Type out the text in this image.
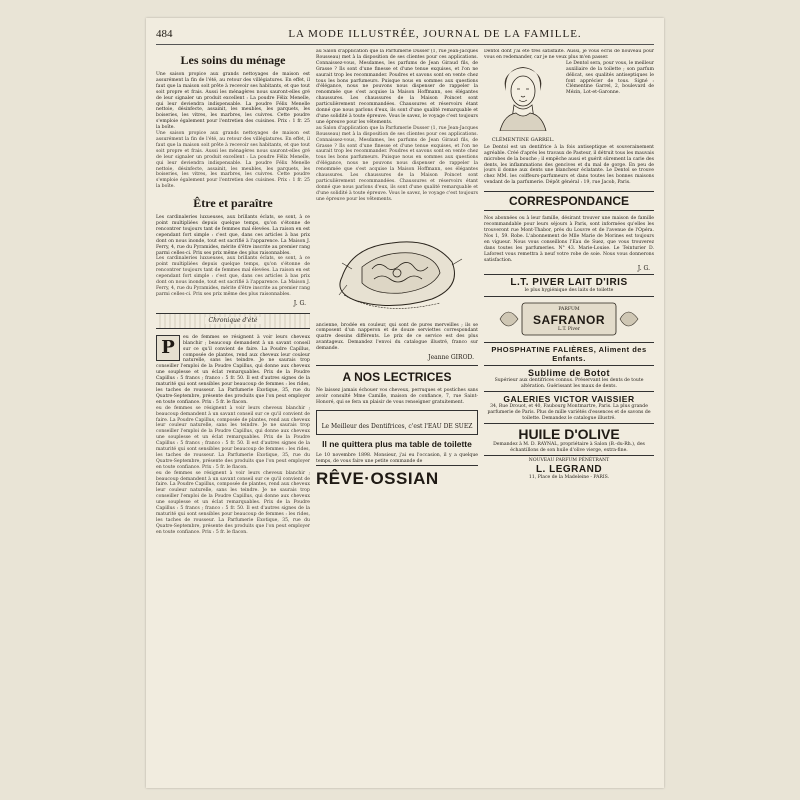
484	LA MODE ILLUSTRÉE, JOURNAL DE LA FAMILLE.
Les soins du ménage

Une saison propice aux grands nettoyages de maison est assurément la fin de l'été, au retour des villégiatures. En effet, il faut que la maison soit prête à recevoir ses habitants, et que tout soit propre et frais. Aussi les ménagères nous sauront-elles gré de leur signaler un produit excellent : La poudre Félix Menelle, qui leur deviendra indispensable. La poudre Félix Menelle nettoie, désinfecte, assainit, les meubles, les parquets, les boiseries, les vitres, les marbres, les cuivres. Cette poudre s'emploie également pour l'entretien des cuisines. Prix : 1 fr. 25 la boîte.

Une saison propice aux grands nettoyages de maison est assurément la fin de l'été, au retour des villégiatures. En effet, il faut que la maison soit prête à recevoir ses habitants, et que tout soit propre et frais. Aussi les ménagères nous sauront-elles gré de leur signaler un produit excellent : La poudre Félix Menelle, qui leur deviendra indispensable. La poudre Félix Menelle nettoie, désinfecte, assainit, les meubles, les parquets, les boiseries, les vitres, les marbres, les cuivres. Cette poudre s'emploie également pour l'entretien des cuisines. Prix : 1 fr. 25 la boîte.

Être et paraître

Les cardinaleries luxueuses, aux brillants éclats, se sont, à ce point multipliées depuis quelque temps, qu'on s'étonne de rencontrer toujours tant de femmes mal élevées. La raison en est cependant fort simple : c'est que, dans ces articles à bas prix dont on nous inonde, tout est sacrifié à l'apparence. La Maison J. Ferry, 4, rue du Pyramides, mérite d'être inscrite au premier rang parmi celles-ci. Prix ses prix même des plus raisonnables.

Les cardinaleries luxueuses, aux brillants éclats, se sont, à ce point multipliées depuis quelque temps, qu'on s'étonne de rencontrer toujours tant de femmes mal élevées. La raison en est cependant fort simple : c'est que, dans ces articles à bas prix dont on nous inonde, tout est sacrifié à l'apparence. La Maison J. Ferry, 4, rue du Pyramides, mérite d'être inscrite au premier rang parmi celles-ci. Prix ses prix même des plus raisonnables.

J. G.
Chronique d'été
P	eu de femmes se résignent à voir leurs cheveux blanchir ; beaucoup demandent à un savant conseil sur ce qu'il convient de faire. La Poudre Capillus, composée de plantes, rend aux cheveux leur couleur naturelle, sans les teindre. Je ne saurais trop conseiller l'emploi de la Poudre Capillus, qui donne aux cheveux une souplesse et un éclat remarquables. Prix de la Poudre Capillus : 5 francs ; franco : 5 fr. 50. Il est d'autres signes de la maturité qui sont sensibles pour beaucoup de femmes : les rides, les taches de rousseur. La Parfumerie Exotique, 35, rue du Quatre-Septembre, présente des produits que l'on peut employer en toute confiance. Prix : 5 fr. le flacon.

eu de femmes se résignent à voir leurs cheveux blanchir ; beaucoup demandent à un savant conseil sur ce qu'il convient de faire. La Poudre Capillus, composée de plantes, rend aux cheveux leur couleur naturelle, sans les teindre. Je ne saurais trop conseiller l'emploi de la Poudre Capillus, qui donne aux cheveux une souplesse et un éclat remarquables. Prix de la Poudre Capillus : 5 francs ; franco : 5 fr. 50. Il est d'autres signes de la maturité qui sont sensibles pour beaucoup de femmes : les rides, les taches de rousseur. La Parfumerie Exotique, 35, rue du Quatre-Septembre, présente des produits que l'on peut employer en toute confiance. Prix : 5 fr. le flacon.

eu de femmes se résignent à voir leurs cheveux blanchir ; beaucoup demandent à un savant conseil sur ce qu'il convient de faire. La Poudre Capillus, composée de plantes, rend aux cheveux leur couleur naturelle, sans les teindre. Je ne saurais trop conseiller l'emploi de la Poudre Capillus, qui donne aux cheveux une souplesse et un éclat remarquables. Prix de la Poudre Capillus : 5 francs ; franco : 5 fr. 50. Il est d'autres signes de la maturité qui sont sensibles pour beaucoup de femmes : les rides, les taches de rousseur. La Parfumerie Exotique, 35, rue du Quatre-Septembre, présente des produits que l'on peut employer en toute confiance. Prix : 5 fr. le flacon.

au Salon d'application que la Parfumerie Dusser (1, rue Jean-Jacques Rousseau) met à la disposition de ses clientes pour ces applications. Connaissez-vous, Mesdames, les parfums de Jean Giraud fils, de Grasse ? Ils sont d'une finesse et d'une tenue exquises, et l'on ne saurait trop les recommander. Poudres et savons sont en vente chez tous les bons parfumeurs. Puisque nous en sommes aux questions d'élégance, nous ne pouvons nous dispenser de rappeler la renommée que s'est acquise la Maison Hoffmann, ses élégantes chaussures. Les chaussures de la Maison Poincet sont particulièrement recommandées. Chaussures et réservoirs étant donné que nous parlons d'eux, ils sont d'une qualité remarquable et d'une solidité à toute épreuve. Vous le savez, le voyage c'est toujours une épreuve pour les vêtements.

au Salon d'application que la Parfumerie Dusser (1, rue Jean-Jacques Rousseau) met à la disposition de ses clientes pour ces applications. Connaissez-vous, Mesdames, les parfums de Jean Giraud fils, de Grasse ? Ils sont d'une finesse et d'une tenue exquises, et l'on ne saurait trop les recommander. Poudres et savons sont en vente chez tous les bons parfumeurs. Puisque nous en sommes aux questions d'élégance, nous ne pouvons nous dispenser de rappeler la renommée que s'est acquise la Maison Hoffmann, ses élégantes chaussures. Les chaussures de la Maison Poincet sont particulièrement recommandées. Chaussures et réservoirs étant donné que nous parlons d'eux, ils sont d'une qualité remarquable et d'une solidité à toute épreuve. Vous le savez, le voyage c'est toujours une épreuve pour les vêtements.

ancienne, brodée en couleur, qui sont de pures merveilles ; ils se composent d'un napperon et de douze serviettes correspondant quatre dessins différents. Le prix de ce service est des plus avantageux. Demandez l'envoi du catalogue illustré, franco sur demande.

Jeanne GIROD.
A NOS LECTRICES

Ne laissez jamais échouer vos cheveux, perruques et postiches sans avoir consulté Mme Camille, maison de confiance, 7, rue Saint-Honoré, qui se fera un plaisir de vous renseigner gratuitement.

Le Meilleur des Dentifrices, c'est l'EAU DE SUEZ
Il ne quittera plus ma table de toilette

Le 10 novembre 1898. Monsieur, j'ai eu l'occasion, il y a quelque temps, de vous faire une petite commande de

RÊVE·OSSIAN

Dentol dont j'ai été très satisfaite. Aussi, je vous écris de nouveau pour vous en redemander, car je ne veux plus m'en passer.

CLÉMENTINE GARREL.

Le Dentol sera, pour vous, le meilleur auxiliaire de la toilette ; son parfum délicat, ses qualités antiseptiques le font apprécier de tous. Signé : Clémentine Garrel, 2, boulevard de Mézin, Lot-et-Garonne.

Le Dentol est un dentifrice à la fois antiseptique et souverainement agréable. Créé d'après les travaux de Pasteur, il détruit tous les mauvais microbes de la bouche ; il empêche aussi et guérit sûrement la carie des dents, les inflammations des gencives et du mal de gorge. En peu de jours il donne aux dents une blancheur éclatante. Le Dentol se trouve chez MM. les coiffeurs-parfumeurs et dans toutes les bonnes maisons vendant de la parfumerie. Dépôt général : 19, rue Jacob, Paris.

CORRESPONDANCE

Nos abonnées ou à leur famille, désirant trouver une maison de famille recommandable pour leurs séjours à Paris, sont informées qu'elles les trouveront rue Mont-Thabor, près du Louvre et de l'avenue de l'Opéra. Nos 1, 59. Robe. L'abonnement de Mlle Marie de Morines est toujours en vigueur. Nous vous conseillons l'Eau de Suez, que vous trouverez dans toutes les parfumeries. N° 43. Marie-Louise. Le Teinturier D. Laforest vous remettra à neuf votre robe de soie. Nous vous donnerons satisfaction.

J. G.
L.T. PIVER LAIT D'IRIS
le plus hygiénique des laits de toilette
PARFUM
SAFRANOR
L.T. Piver
PHOSPHATINE FALIÈRES, Aliment des Enfants.
Sublime de Botot
Supérieur aux dentifrices connus. Préservant les dents de toute altération. Guérissant les maux de dents.
GALERIES VICTOR VAISSIER
34, Rue Drouot, et 40, Faubourg Montmartre, Paris. La plus grande parfumerie de Paris. Plus de mille variétés d'essences et de savons de toilette. Demandez le catalogue illustré.
HUILE D'OLIVE
Demandez à M. D. RAYNAL, propriétaire à Salon (B.-du-Rh.), des échantillons de son huile d'olive vierge, extra-fine.
NOUVEAU PARFUM PÉNÉTRANT
L. LEGRAND
11, Place de la Madeleine - PARIS.
